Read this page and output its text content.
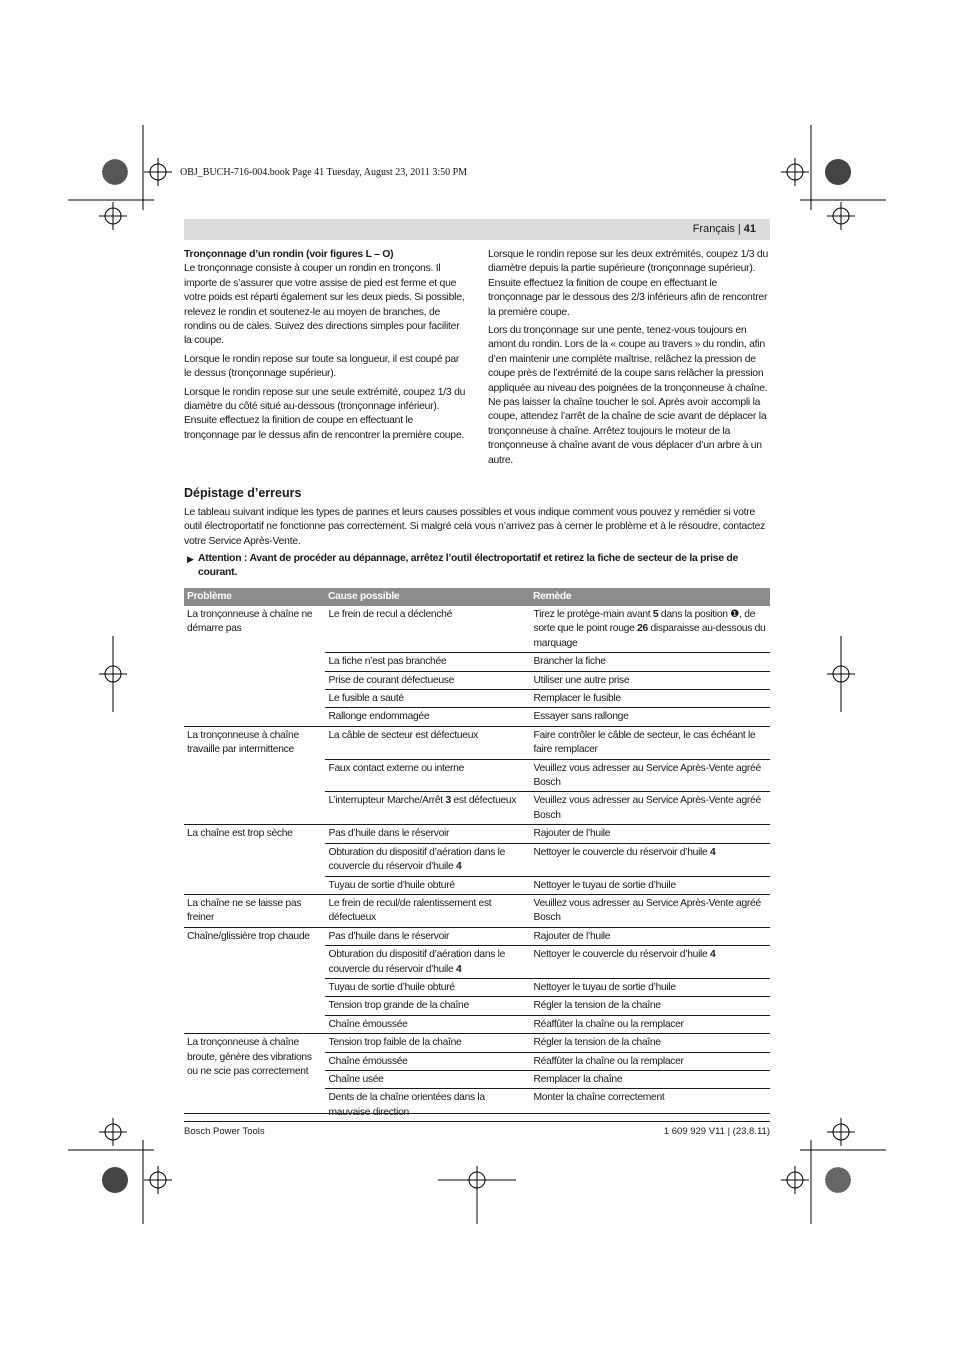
OBJ_BUCH-716-004.book Page 41 Tuesday, August 23, 2011 3:50 PM
Français | 41
Tronçonnage d’un rondin (voir figures L – O)

Le tronçonnage consiste à couper un rondin en tronçons. Il importe de s’assurer que votre assise de pied est ferme et que votre poids est réparti également sur les deux pieds. Si possible, relevez le rondin et soutenez-le au moyen de branches, de rondins ou de cales. Suivez des directions simples pour faciliter la coupe.

Lorsque le rondin repose sur toute sa longueur, il est coupé par le dessus (tronçonnage supérieur).

Lorsque le rondin repose sur une seule extrémité, coupez 1/3 du diamètre du côté situé au-dessous (tronçonnage inférieur). Ensuite effectuez la finition de coupe en effectuant le tronçonnage par le dessus afin de rencontrer la première coupe.

Lorsque le rondin repose sur les deux extrémités, coupez 1/3 du diamètre depuis la partie supérieure (tronçonnage supérieur). Ensuite effectuez la finition de coupe en effectuant le tronçonnage par le dessous des 2/3 inférieurs afin de rencontrer la première coupe.

Lors du tronçonnage sur une pente, tenez-vous toujours en amont du rondin. Lors de la « coupe au travers » du rondin, afin d’en maintenir une complète maîtrise, relâchez la pression de coupe près de l’extrémité de la coupe sans relâcher la pression appliquée au niveau des poignées de la tronçonneuse à chaîne. Ne pas laisser la chaîne toucher le sol. Après avoir accompli la coupe, attendez l’arrêt de la chaîne de scie avant de déplacer la tronçonneuse à chaîne. Arrêtez toujours le moteur de la tronçonneuse à chaîne avant de vous déplacer d’un arbre à un autre.

Dépistage d’erreurs
Le tableau suivant indique les types de pannes et leurs causes possibles et vous indique comment vous pouvez y remédier si votre outil électroportatif ne fonctionne pas correctement. Si malgré cela vous n’arrivez pas à cerner le problème et à le résoudre, contactez votre Service Après-Vente.
▶ Attention : Avant de procéder au dépannage, arrêtez l’outil électroportatif et retirez la fiche de secteur de la prise de courant.
Problème	Cause possible	Remède
La tronçonneuse à chaîne ne démarre pas	Le frein de recul a déclenché	Tirez le protège-main avant 5 dans la position ❶, de sorte que le point rouge 26 disparaisse au-dessous du marquage
	La fiche n’est pas branchée	Brancher la fiche
	Prise de courant défectueuse	Utiliser une autre prise
	Le fusible a sauté	Remplacer le fusible
	Rallonge endommagée	Essayer sans rallonge
La tronçonneuse à chaîne travaille par intermittence	La câble de secteur est défectueux	Faire contrôler le câble de secteur, le cas échéant le faire remplacer
	Faux contact externe ou interne	Veuillez vous adresser au Service Après-Vente agréé Bosch
	L’interrupteur Marche/Arrêt 3 est défectueux	Veuillez vous adresser au Service Après-Vente agréé Bosch
La chaîne est trop sèche	Pas d’huile dans le réservoir	Rajouter de l’huile
	Obturation du dispositif d’aération dans le couvercle du réservoir d’huile 4	Nettoyer le couvercle du réservoir d’huile 4
	Tuyau de sortie d’huile obturé	Nettoyer le tuyau de sortie d’huile
La chaîne ne se laisse pas freiner	Le frein de recul/de ralentissement est défectueux	Veuillez vous adresser au Service Après-Vente agréé Bosch
Chaîne/glissière trop chaude	Pas d’huile dans le réservoir	Rajouter de l’huile
	Obturation du dispositif d’aération dans le couvercle du réservoir d’huile 4	Nettoyer le couvercle du réservoir d’huile 4
	Tuyau de sortie d’huile obturé	Nettoyer le tuyau de sortie d’huile
	Tension trop grande de la chaîne	Régler la tension de la chaîne
	Chaîne émoussée	Réaffûter la chaîne ou la remplacer
La tronçonneuse à chaîne broute, génère des vibrations ou ne scie pas correctement	Tension trop faible de la chaîne	Régler la tension de la chaîne
	Chaîne émoussée	Réaffûter la chaîne ou la remplacer
	Chaîne usée	Remplacer la chaîne
	Dents de la chaîne orientées dans la	Monter la chaîne correctement
Bosch Power Tools	1 609 929 V11 | (23.8.11)
